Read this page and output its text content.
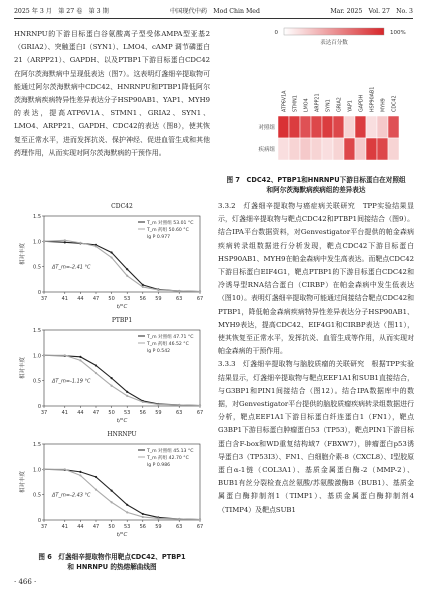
2025 年 3 月　第 27 卷　第 3 期	中国现代中药　Mod Chin Med	Mar. 2025　Vol. 27　No. 3

HNRNPU的下游目标蛋白谷氨酸离子型受体AMPA型亚基2（GRIA2）、突触蛋白Ⅰ（SYN1）、LMO4、cAMP 调节磷蛋白21（ARPP21）、GAPDH、以及PTBP1下游目标蛋白CDC42在阿尔茨海默病中呈现低表达（图7）。这表明灯盏细辛提取物可能通过阿尔茨海默病中CDC42、HNRNPU和PTBP1降低阿尔茨海默病疾病特异性差异表达分子HSP90AB1、YAP1、MYH9的表达，提高ATP6V1A、STMN1、GRIA2、SYN1、LMO4、ARPP21、GAPDH、CDC42的表达（图8），使其恢复至正常水平，进而发挥抗炎、保护神经、促进血管生成和其他药理作用，从而实现对阿尔茨海默病的干预作用。

CDC42
1.5
1.0
0.5
0
37	41 44 47 50 53 56 59	63	67
t/°C
相对丰度
T_m 对照组 53.01 °C
T_m 药组 50.60 °C
lg P 0.977
ΔT_m=-2.41 °C
PTBP1
1.5
1.0
0.5
0
37	41 44 47 50 53 56 59	63	67
t/°C
相对丰度
T_m 对照组 47.71 °C
T_m 药组 46.52 °C
lg P 0.542
ΔT_m=-1.19 °C
HNRNPU
1.5
1.0
0.5
0
37	41 44 47 50 53 56 59	63	67
t/°C
相对丰度
T_m 对照组 45.13 °C
T_m 药组 42.70 °C
lg P 0.986
ΔT_m=-2.43 °C
图 6　灯盏细辛提取物作用靶点CDC42、PTBP1
和 HNRNPU 的热熔解曲线图
0	100%
表达百分数
ATP6V1A STMN1 LMO4 ARPP21 SYN1 GRIA2 YAP1 GAPDH HSP90AB1 MYH9 CDC42
对照组
疾病组
图 7　CDC42、PTBP1和HNRNPU下游目标蛋白在对照组
和阿尔茨海默病疾病组的差异表达

3.3.2　灯盏细辛提取物与癌症病关联研究　TPP实验结果显示，灯盏细辛提取物与靶点CDC42和PTBP1间接结合（图9）。结合IPA平台数据资料，对Genvestigator平台提供的帕金森病疾病转录组数据进行分析发现，靶点CDC42下游目标蛋白HSP90AB1、MYH9在帕金森病中发生高表达。而靶点CDC42下游目标蛋白EIF4G1，靶点PTBP1的下游目标蛋白CDC42和冷诱导型RNA结合蛋白（CIRBP）在帕金森病中发生低表达（图10）。表明灯盏细辛提取物可能通过间接结合靶点CDC42和PTBP1，降低帕金森病疾病特异性差异表达分子HSP90AB1、MYH9表达，提高CDC42、EIF4G1和CIRBP表达（图11），使其恢复至正常水平，发挥抗炎、血管生成等作用，从而实现对帕金森病的干预作用。

3.3.3　灯盏细辛提取物与脑胶质瘤的关联研究　根据TPP实验结果显示，灯盏细辛提取物与靶点EEF1A1和SUB1直接结合，与G3BP1和PIN1间接结合（图12）。结合IPA数据库中的数据，对Genvestigator平台提供的脑胶质瘤疾病转录组数据进行分析，靶点EEF1A1下游目标蛋白纤连蛋白1（FN1），靶点G3BP1下游目标蛋白肿瘤蛋白53（TP53），靶点PIN1下游目标蛋白含F-box和WD重复结构域7（FBXW7），肿瘤蛋白p53诱导蛋白3（TP53I3）、FN1、白细胞介素-8（CXCL8）、Ⅰ型胶原蛋白α-1链（COL3A1）、基质金属蛋白酶-2（MMP-2）、BUB1有丝分裂检查点丝氨酸/苏氨酸激酶B（BUB1）、基质金属蛋白酶抑制剂1（TIMP1）、基质金属蛋白酶抑制剂4（TIMP4）及靶点SUB1

· 466 ·
